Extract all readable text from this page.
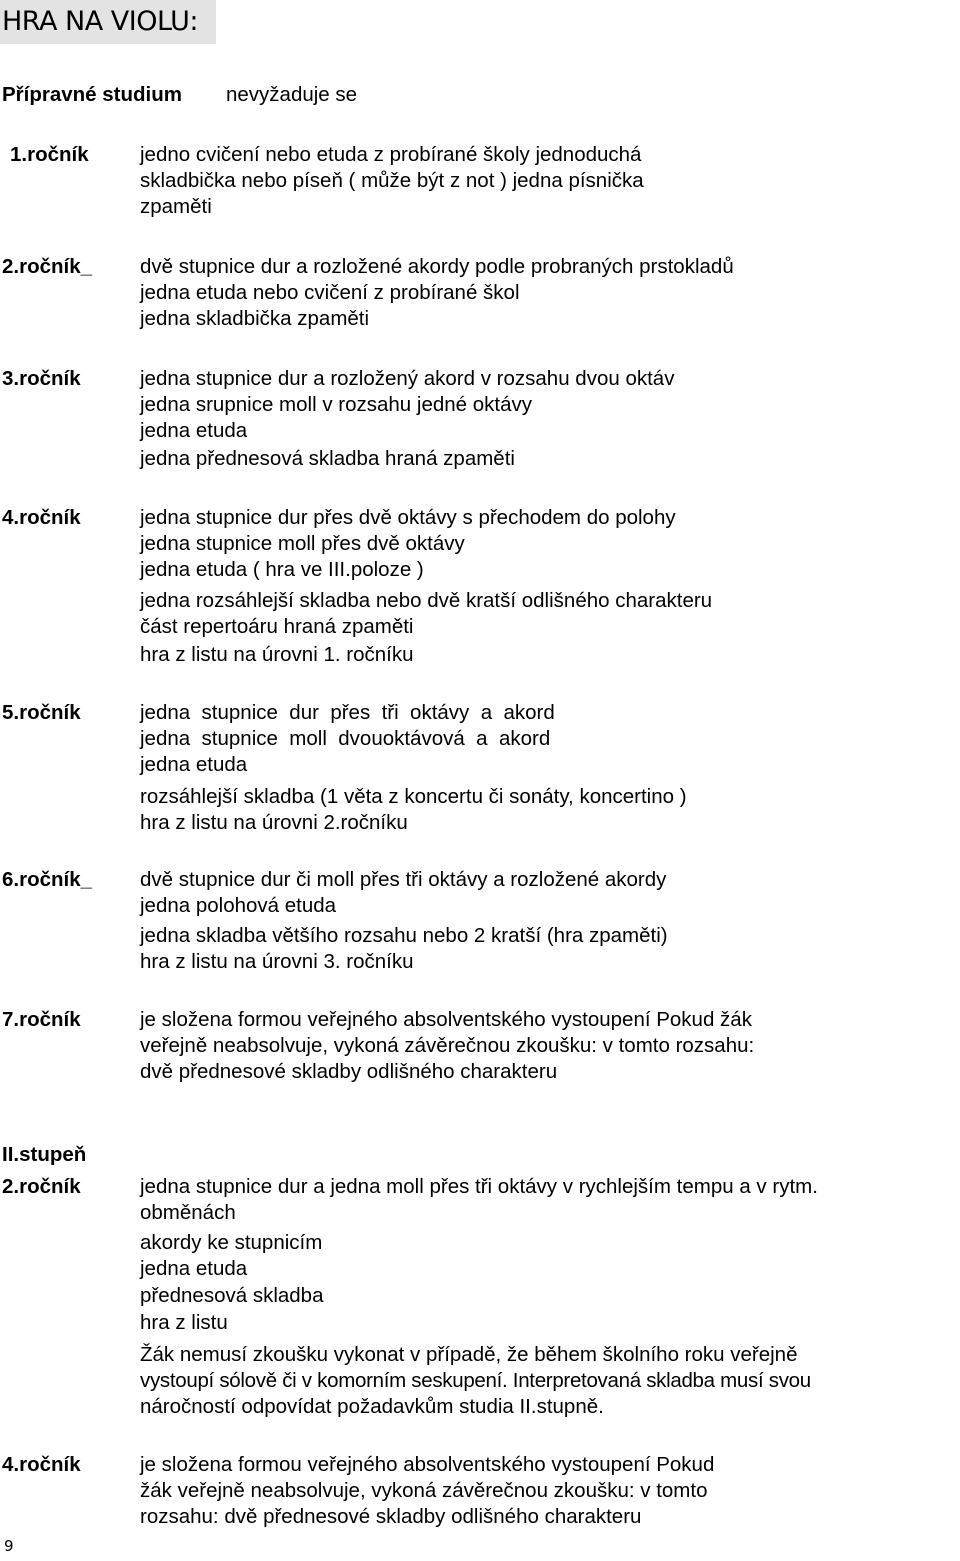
HRA NA VIOLU:
Přípravné studium nevyžaduje se
1.ročník	jedno cvičení nebo etuda z probírané školy jednoduchá
skladbička nebo píseň ( může být z not ) jedna písnička
zpaměti
2.ročník_ dvě stupnice dur a rozložené akordy podle probraných prstokladů
jedna etuda nebo cvičení z probírané škol
jedna skladbička zpaměti
3.ročník	jedna stupnice dur a rozložený akord v rozsahu dvou oktáv
jedna srupnice moll v rozsahu jedné oktávy
jedna etuda
jedna přednesová skladba hraná zpaměti
4.ročník	jedna stupnice dur přes dvě oktávy s přechodem do polohy
jedna stupnice moll přes dvě oktávy
jedna etuda ( hra ve III.poloze )
jedna rozsáhlejší skladba nebo dvě kratší odlišného charakteru
část repertoáru hraná zpaměti
hra z listu na úrovni 1. ročníku
5.ročník	jedna  stupnice  dur  přes  tři  oktávy  a  akord
jedna  stupnice  moll  dvouoktávová  a  akord
jedna etuda
rozsáhlejší skladba (1 věta z koncertu či sonáty, koncertino )
hra z listu na úrovni 2.ročníku
6.ročník_ dvě stupnice dur či moll přes tři oktávy a rozložené akordy
jedna polohová etuda
jedna skladba většího rozsahu nebo 2 kratší (hra zpaměti)
hra z listu na úrovni 3. ročníku
7.ročník	je složena formou veřejného absolventského vystoupení Pokud žák
veřejně neabsolvuje, vykoná závěrečnou zkoušku: v tomto rozsahu:
dvě přednesové skladby odlišného charakteru
II.stupeň
2.ročník	jedna stupnice dur a jedna moll přes tři oktávy v rychlejším tempu a v rytm.
obměnách
akordy ke stupnicím
jedna etuda
přednesová skladba
hra z listu
Žák nemusí zkoušku vykonat v případě, že během školního roku veřejně
vystoupí sólově či v komorním seskupení. Interpretovaná skladba musí svou
náročností odpovídat požadavkům studia II.stupně.
4.ročník	je složena formou veřejného absolventského vystoupení Pokud
žák veřejně neabsolvuje, vykoná závěrečnou zkoušku: v tomto
rozsahu: dvě přednesové skladby odlišného charakteru
9
